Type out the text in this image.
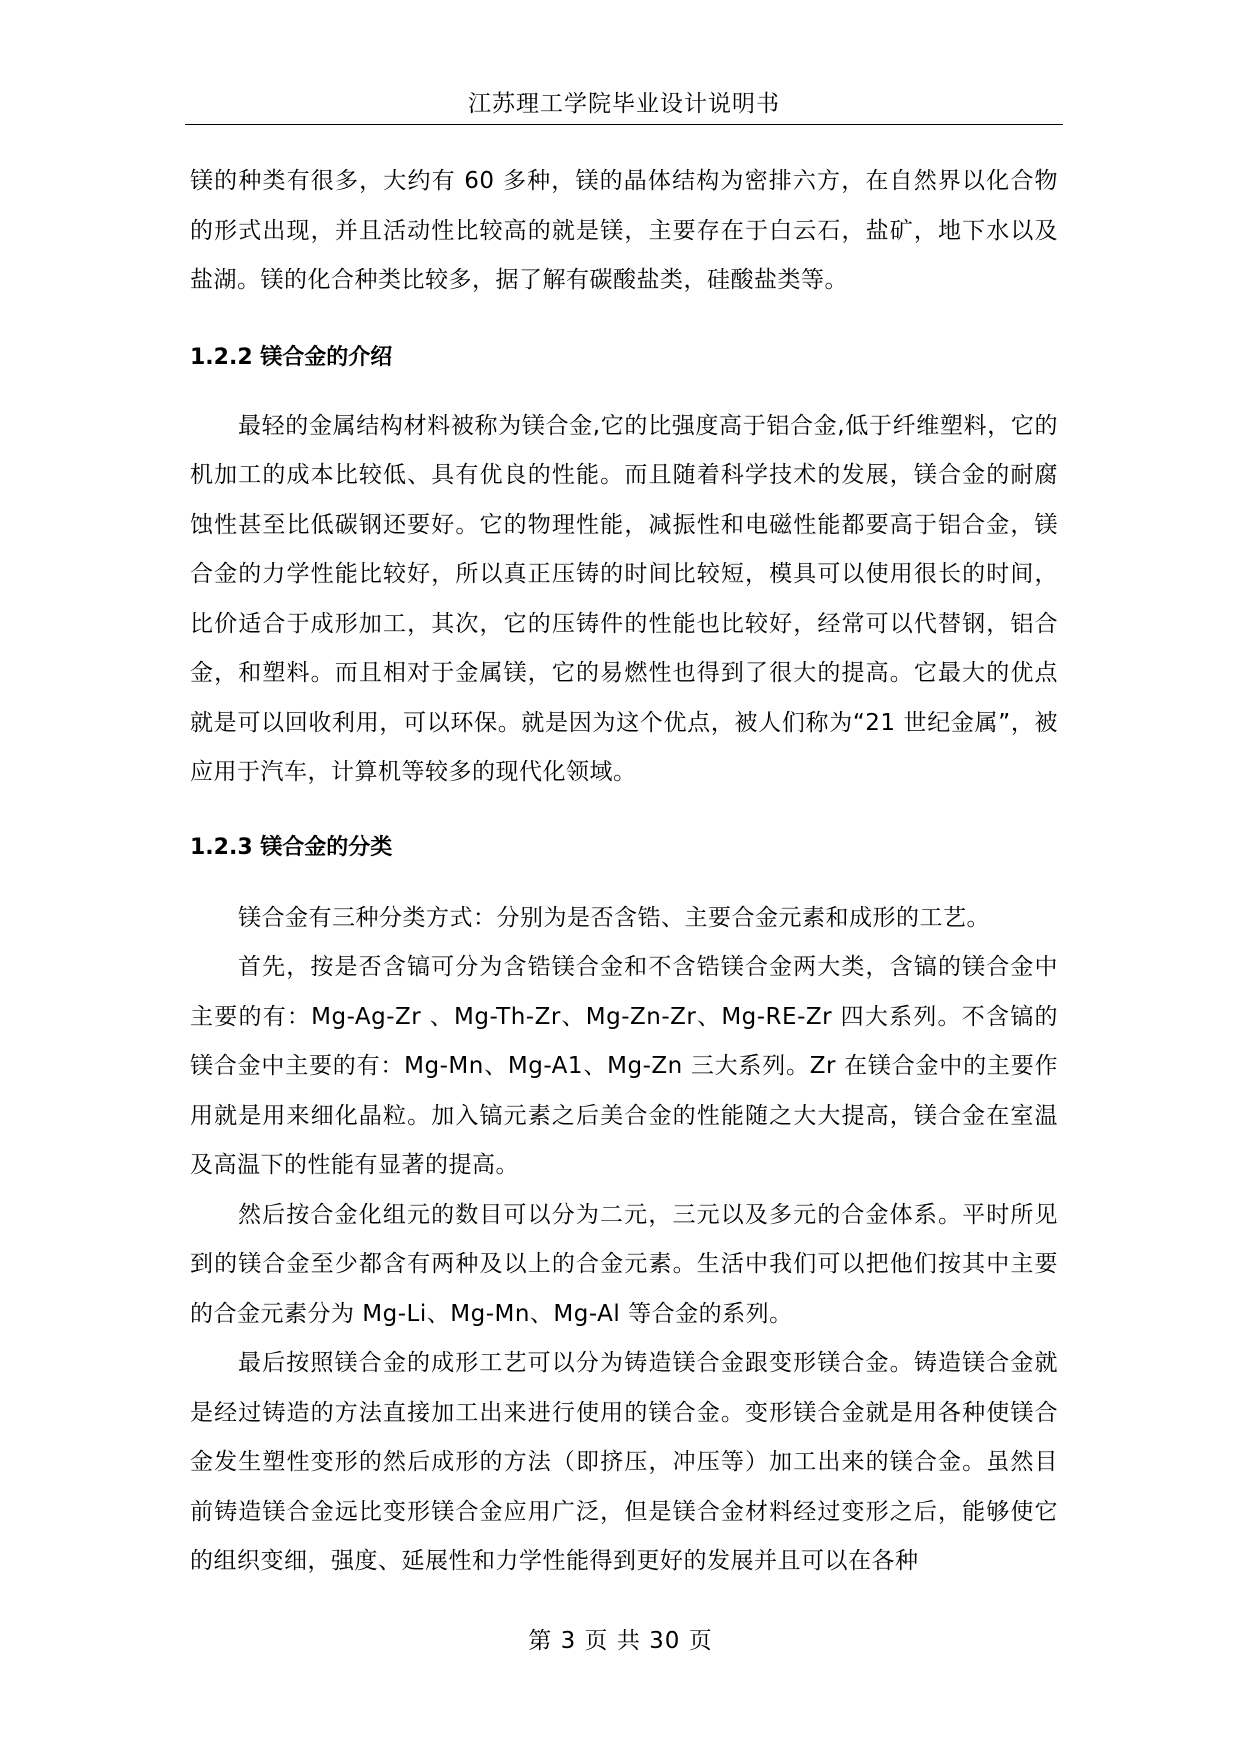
江苏理工学院毕业设计说明书

镁的种类有很多，大约有 60 多种，镁的晶体结构为密排六方，在自然界以化合物的形式出现，并且活动性比较高的就是镁，主要存在于白云石，盐矿，地下水以及盐湖。镁的化合种类比较多，据了解有碳酸盐类，硅酸盐类等。

1.2.2 镁合金的介绍

最轻的金属结构材料被称为镁合金,它的比强度高于铝合金,低于纤维塑料，它的机加工的成本比较低、具有优良的性能。而且随着科学技术的发展，镁合金的耐腐蚀性甚至比低碳钢还要好。它的物理性能，减振性和电磁性能都要高于铝合金，镁合金的力学性能比较好，所以真正压铸的时间比较短，模具可以使用很长的时间，比价适合于成形加工，其次，它的压铸件的性能也比较好，经常可以代替钢，铝合金，和塑料。而且相对于金属镁，它的易燃性也得到了很大的提高。它最大的优点就是可以回收利用，可以环保。就是因为这个优点，被人们称为“21 世纪金属”，被应用于汽车，计算机等较多的现代化领域。

1.2.3 镁合金的分类

镁合金有三种分类方式：分别为是否含锆、主要合金元素和成形的工艺。

首先，按是否含镐可分为含锆镁合金和不含锆镁合金两大类，含镐的镁合金中主要的有：Mg-Ag-Zr 、Mg-Th-Zr、Mg-Zn-Zr、Mg-RE-Zr 四大系列。不含镐的镁合金中主要的有：Mg-Mn、Mg-A1、Mg-Zn 三大系列。Zr 在镁合金中的主要作用就是用来细化晶粒。加入镐元素之后美合金的性能随之大大提高，镁合金在室温及高温下的性能有显著的提高。

然后按合金化组元的数目可以分为二元，三元以及多元的合金体系。平时所见到的镁合金至少都含有两种及以上的合金元素。生活中我们可以把他们按其中主要的合金元素分为 Mg-Li、Mg-Mn、Mg-Al 等合金的系列。

最后按照镁合金的成形工艺可以分为铸造镁合金跟变形镁合金。铸造镁合金就是经过铸造的方法直接加工出来进行使用的镁合金。变形镁合金就是用各种使镁合金发生塑性变形的然后成形的方法（即挤压，冲压等）加工出来的镁合金。虽然目前铸造镁合金远比变形镁合金应用广泛，但是镁合金材料经过变形之后，能够使它的组织变细，强度、延展性和力学性能得到更好的发展并且可以在各种

第 3 页 共 30 页
